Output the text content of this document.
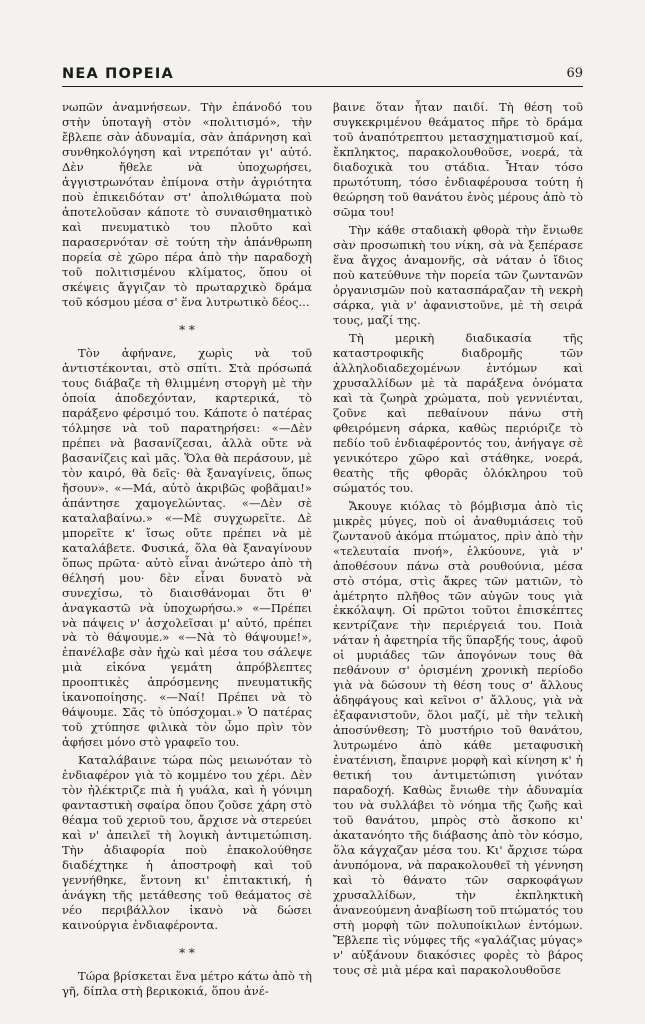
ΝΕΑ ΠΟΡΕΙΑ	69

νωπῶν ἀναμνήσεων. Τὴν ἐπάνοδό του στὴν ὑποταγὴ στὸν «πολιτισμό», τὴν ἔβλεπε σὰν ἀδυναμία, σὰν ἀπάρνηση καὶ συνθηκολόγηση καὶ ντρεπόταν γι' αὐτό. Δὲν ἤθελε νὰ ὑποχωρήσει, ἀγγιστρωνόταν ἐπίμονα στὴν ἀγριότητα ποὺ ἐπικειδόταν στ' ἀπολιθώματα ποὺ ἀποτελοῦσαν κάποτε τὸ συναισθηματικὸ καὶ πνευματικὸ του πλοῦτο καὶ παρασερνόταν σὲ τούτη τὴν ἀπάνθρωπη πορεία σὲ χῶρο πέρα ἀπὸ τὴν παραδοχὴ τοῦ πολιτισμένου κλίματος, ὅπου οἱ σκέψεις ἄγγιζαν τὸ πρωταρχικὸ δράμα τοῦ κόσμου μέσα σ' ἕνα λυτρωτικὸ δέος...

* *

Τὸν ἀφήνανε, χωρὶς νὰ τοῦ ἀντιστέκονται, στὸ σπίτι. Στὰ πρόσωπά τους διάβαζε τὴ θλιμμένη στοργὴ μὲ τὴν ὁποία ἀποδεχόνταν, καρτερικά, τὸ παράξενο φέρσιμό του. Κάποτε ὁ πατέρας τόλμησε νὰ τοῦ παρατηρήσει: «—Δὲν πρέπει νὰ βασανίζεσαι, ἀλλὰ οὔτε νὰ βασανίζεις καὶ μᾶς. Ὅλα θὰ περάσουν, μὲ τὸν καιρό, θὰ δεῖς· θὰ ξαναγίνεις, ὅπως ἤσουν». «—Μά, αὐτὸ ἀκριβῶς φοβᾶμαι!» ἀπάντησε χαμογελώντας. «—Δὲν σὲ καταλαβαίνω.» «—Μὲ συγχωρεῖτε. Δὲ μπορεῖτε κ' ἴσως οὔτε πρέπει νὰ μὲ καταλάβετε. Φυσικά, ὅλα θὰ ξαναγίνουν ὅπως πρῶτα· αὐτὸ εἶναι ἀνώτερο ἀπὸ τὴ θέλησή μου· δὲν εἶναι δυνατὸ νὰ συνεχίσω, τὸ διαισθάνομαι ὅτι θ' ἀναγκαστῶ νὰ ὑποχωρήσω.» «—Πρέπει νὰ πάψεις ν' ἀσχολεῖσαι μ' αὐτό, πρέπει νὰ τὸ θάψουμε.» «—Νὰ τὸ θάψουμε!», ἐπανέλαβε σὰν ἠχὼ καὶ μέσα του σάλεψε μιὰ εἰκόνα γεμάτη ἀπρόβλεπτες προοπτικὲς ἀπρόσμενης πνευματικῆς ἱκανοποίησης. «—Ναί! Πρέπει νὰ τὸ θάψουμε. Σᾶς τὸ ὑπόσχομαι.» Ὁ πατέρας τοῦ χτύπησε φιλικὰ τὸν ὦμο πρὶν τὸν ἀφήσει μόνο στὸ γραφεῖο του.

Καταλάβαινε τώρα πὼς μειωνόταν τὸ ἐνδιαφέρον γιὰ τὸ κομμένο του χέρι. Δὲν τὸν ἠλέκτριζε πιὰ ἡ γυάλα, καὶ ἡ γόνιμη φανταστικὴ σφαίρα ὅπου ζοῦσε χάρη στὸ θέαμα τοῦ χεριοῦ του, ἄρχισε νὰ στερεύει καὶ ν' ἀπειλεῖ τὴ λογικὴ ἀντιμετώπιση. Τὴν ἀδιαφορία ποὺ ἐπακολούθησε διαδέχτηκε ἡ ἀποστροφὴ καὶ τοῦ γεννήθηκε, ἔντονη κι' ἐπιτακτική, ἡ ἀνάγκη τῆς μετάθεσης τοῦ θεάματος σὲ νέο περιβάλλον ἱκανὸ νὰ δώσει καινούργια ἐνδιαφέροντα.

* *

Τώρα βρίσκεται ἕνα μέτρο κάτω ἀπὸ τὴ γῆ, δίπλα στὴ βερικοκιά, ὅπου ἀνέ-

βαινε ὅταν ἦταν παιδί. Τὴ θέση τοῦ συγκεκριμένου θεάματος πῆρε τὸ δράμα τοῦ ἀναπότρεπτου μετασχηματισμοῦ καί, ἔκπληκτος, παρακολουθοῦσε, νοερά, τὰ διαδοχικὰ του στάδια. Ἦταν τόσο πρωτότυπη, τόσο ἐνδιαφέρουσα τούτη ἡ θεώρηση τοῦ θανάτου ἑνὸς μέρους ἀπὸ τὸ σῶμα του!

Τὴν κάθε σταδιακὴ φθορὰ τὴν ἔνιωθε σὰν προσωπικὴ του νίκη, σὰ νὰ ξεπέρασε ἕνα ἄγχος ἀναμονῆς, σὰ νάταν ὁ ἴδιος ποὺ κατεύθυνε τὴν πορεία τῶν ζωντανῶν ὀργανισμῶν ποὺ κατασπάραζαν τὴ νεκρὴ σάρκα, γιὰ ν' ἀφανιστοῦνε, μὲ τὴ σειρά τους, μαζί της.

Τὴ μερικὴ διαδικασία τῆς καταστροφικῆς διαδρομῆς τῶν ἀλληλοδιαδεχομένων ἐντόμων καὶ χρυσαλλίδων μὲ τὰ παράξενα ὀνόματα καὶ τὰ ζωηρὰ χρώματα, ποὺ γεννιένται, ζοῦνε καὶ πεθαίνουν πάνω στὴ φθειρόμενη σάρκα, καθὼς περιόριζε τὸ πεδίο τοῦ ἐνδιαφέροντός του, ἀνήγαγε σὲ γενικότερο χῶρο καὶ στάθηκε, νοερά, θεατὴς τῆς φθορᾶς ὁλόκληρου τοῦ σώματός του.

Ἄκουγε κιόλας τὸ βόμβισμα ἀπὸ τὶς μικρὲς μύγες, ποὺ οἱ ἀναθυμιάσεις τοῦ ζωντανοῦ ἀκόμα πτώματος, πρὶν ἀπὸ τὴν «τελευταία πνοή», ἑλκύουνε, γιὰ ν' ἀποθέσουν πάνω στὰ ρουθούνια, μέσα στὸ στόμα, στὶς ἄκρες τῶν ματιῶν, τὸ ἀμέτρητο πλῆθος τῶν αὐγῶν τους γιὰ ἐκκόλαψη. Οἱ πρῶτοι τοῦτοι ἐπισκέπτες κεντρίζανε τὴν περιέργειά του. Ποιὰ νάταν ἡ ἀφετηρία τῆς ὕπαρξής τους, ἀφοῦ οἱ μυριάδες τῶν ἀπογόνων τους θὰ πεθάνουν σ' ὁρισμένη χρονικὴ περίοδο γιὰ νὰ δώσουν τὴ θέση τους σ' ἄλλους ἀδηφάγους καὶ κεῖνοι σ' ἄλλους, γιὰ νὰ ἐξαφανιστοῦν, ὅλοι μαζί, μὲ τὴν τελικὴ ἀποσύνθεση; Τὸ μυστήριο τοῦ θανάτου, λυτρωμένο ἀπὸ κάθε μεταφυσικὴ ἐνατένιση, ἔπαιρνε μορφὴ καὶ κίνηση κ' ἡ θετική του ἀντιμετώπιση γινόταν παραδοχή. Καθὼς ἔνιωθε τὴν ἀδυναμία του νὰ συλλάβει τὸ νόημα τῆς ζωῆς καὶ τοῦ θανάτου, μπρὸς στὸ ἄσκοπο κι' ἀκατανόητο τῆς διάβασης ἀπὸ τὸν κόσμο, ὅλα κάγχαζαν μέσα του. Κι' ἄρχισε τώρα ἀνυπόμονα, νὰ παρακολουθεῖ τὴ γέννηση καὶ τὸ θάνατο τῶν σαρκοφάγων χρυσαλλίδων, τὴν ἐκπληκτικὴ ἀνανεούμενη ἀναβίωση τοῦ πτώματός του στὴ μορφὴ τῶν πολυποίκιλων ἐντόμων. Ἔβλεπε τὶς νύμφες τῆς «γαλάζιας μύγας» ν' αὐξάνουν διακόσιες φορὲς τὸ βάρος τους σὲ μιὰ μέρα καὶ παρακολουθοῦσε
